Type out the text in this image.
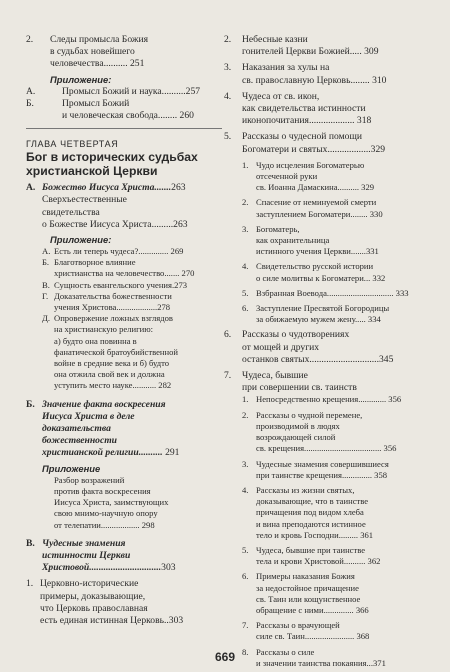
2.	Следы промысла Божия
в судьбах новейшего
человечества.......... 251
Приложение:
А.	Промысл Божий и наука..........257
Б.	Промысл Божий
и человеческая свобода........ 260
ГЛАВА ЧЕТВЕРТАЯ
Бог в исторических судьбах
христианской Церкви
А. Божество Иисуса Христа.......263
Сверхъестественные
свидетельства
о Божестве Иисуса Христа.........263
Приложение:
А. Есть ли теперь чудеса?.............. 269
Б. Благотворное влияние
христианства на человечество....... 270
В. Сущность евангельского учения.273
Г. Доказательства божественности
учения Христова...................278
Д. Опровержение ложных взглядов
на христианскую религию:
а) будто она повинна в
фанатической братоубийственной
войне в средние века и б) будто
она отжила свой век и должна
уступить место науке........... 282
Б. Значение факта воскресения
Иисуса Христа в деле
доказательства
божественности
христианской религии.......... 291
Приложение
Разбор возражений
против факта воскресения
Иисуса Христа, заимствующих
свою мнимо-научную опору
от телепатии.................. 298
В. Чудесные знамения
истинности Церкви
Христовой..............................303
1. Церковно-исторические
примеры, доказывающие,
что Церковь православная
есть единая истинная Церковь..303
2.	Небесные казни
гонителей Церкви Божией..... 309
3.	Наказания за хулы на
св. православную Церковь........ 310
4.	Чудеса от св. икон,
как свидетельства истинности
иконопочитания................... 318
5.	Рассказы о чудесной помощи
Богоматери и святых..................329
1. Чудо исцеления Богоматерью
отсеченной руки
св. Иоанна Дамаскина.......... 329
2. Спасение от неминуемой смерти
заступлением Богоматери........ 330
3. Богоматерь,
как охранительница
истинного учения Церкви.......331
4. Свидетельство русской истории
о силе молитвы к Богоматери... 332
5. Взбранная Воевода............................... 333
6. Заступление Пресвятой Богородицы
за обижаемую мужем жену..... 334
6.	Рассказы о чудотворениях
от мощей и других
останков святых.............................345
7.	Чудеса, бывшие
при совершении св. таинств
1. Непосредственно крещения............. 356
2. Рассказы о чудной перемене,
производимой в людях
возрождающей силой
св. крещения.................................... 356
3. Чудесные знамения совершившиеся
при таинстве крещения.............. 358
4. Рассказы из жизни святых,
доказывающие, что в таинстве
причащения под видом хлеба
и вина преподаются истинное
тело и кровь Господни......... 361
5. Чудеса, бывшие при таинстве
тела и крови Христовой.......... 362
6. Примеры наказания Божия
за недостойное причащение
св. Таин или кощунственное
обращение с ними.............. 366
7. Рассказы о врачующей
силе св. Таин....................... 368
8. Рассказы о силе
и значении таинства покаяния...371
669
